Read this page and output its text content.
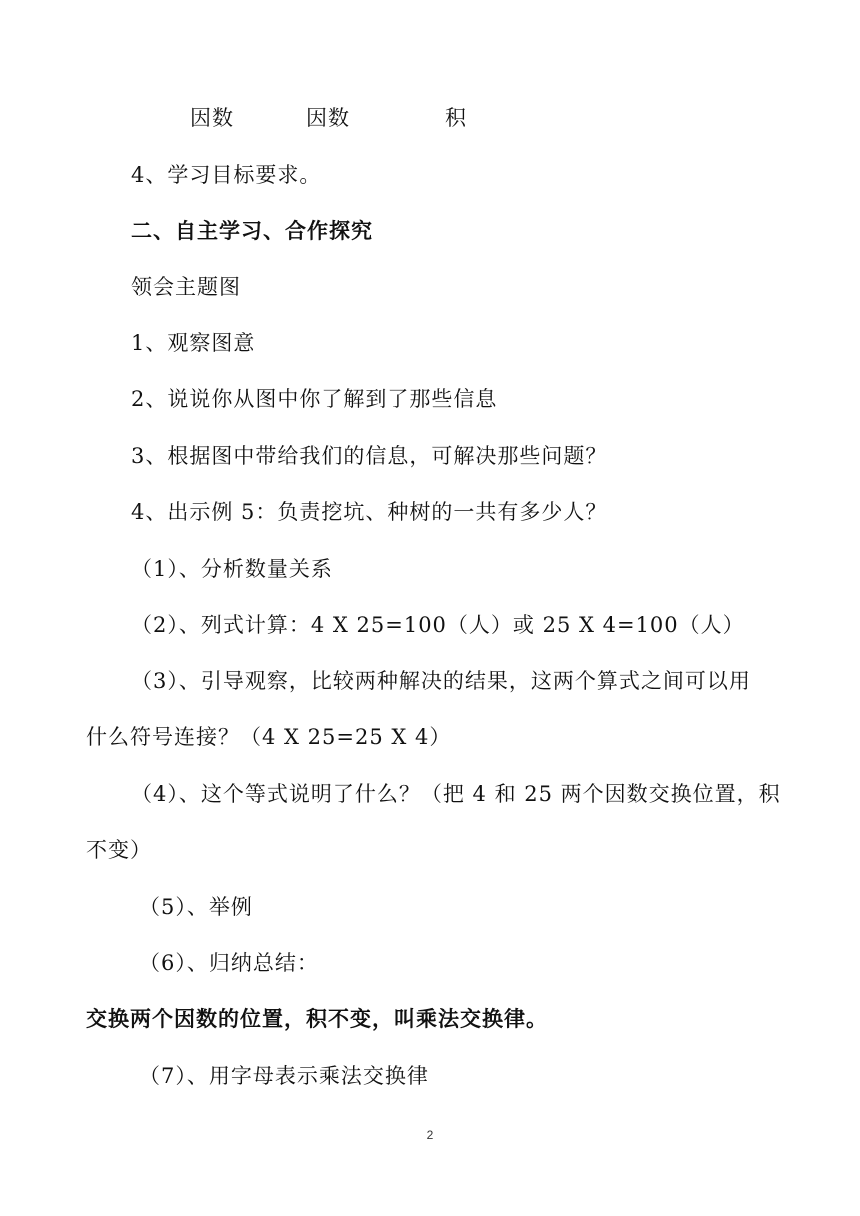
因数	因数	积
4、学习目标要求。
二、自主学习、合作探究
领会主题图
1、观察图意
2、说说你从图中你了解到了那些信息
3、根据图中带给我们的信息，可解决那些问题？
4、出示例 5：负责挖坑、种树的一共有多少人？
（1）、分析数量关系
（2）、列式计算：4 X 25=100（人）或 25 X 4=100（人）
（3）、引导观察，比较两种解决的结果，这两个算式之间可以用
什么符号连接？（4 X 25=25 X 4）
（4）、这个等式说明了什么？（把 4 和 25 两个因数交换位置，积
不变）
（5）、举例
（6）、归纳总结：
交换两个因数的位置，积不变，叫乘法交换律。
（7）、用字母表示乘法交换律
2
